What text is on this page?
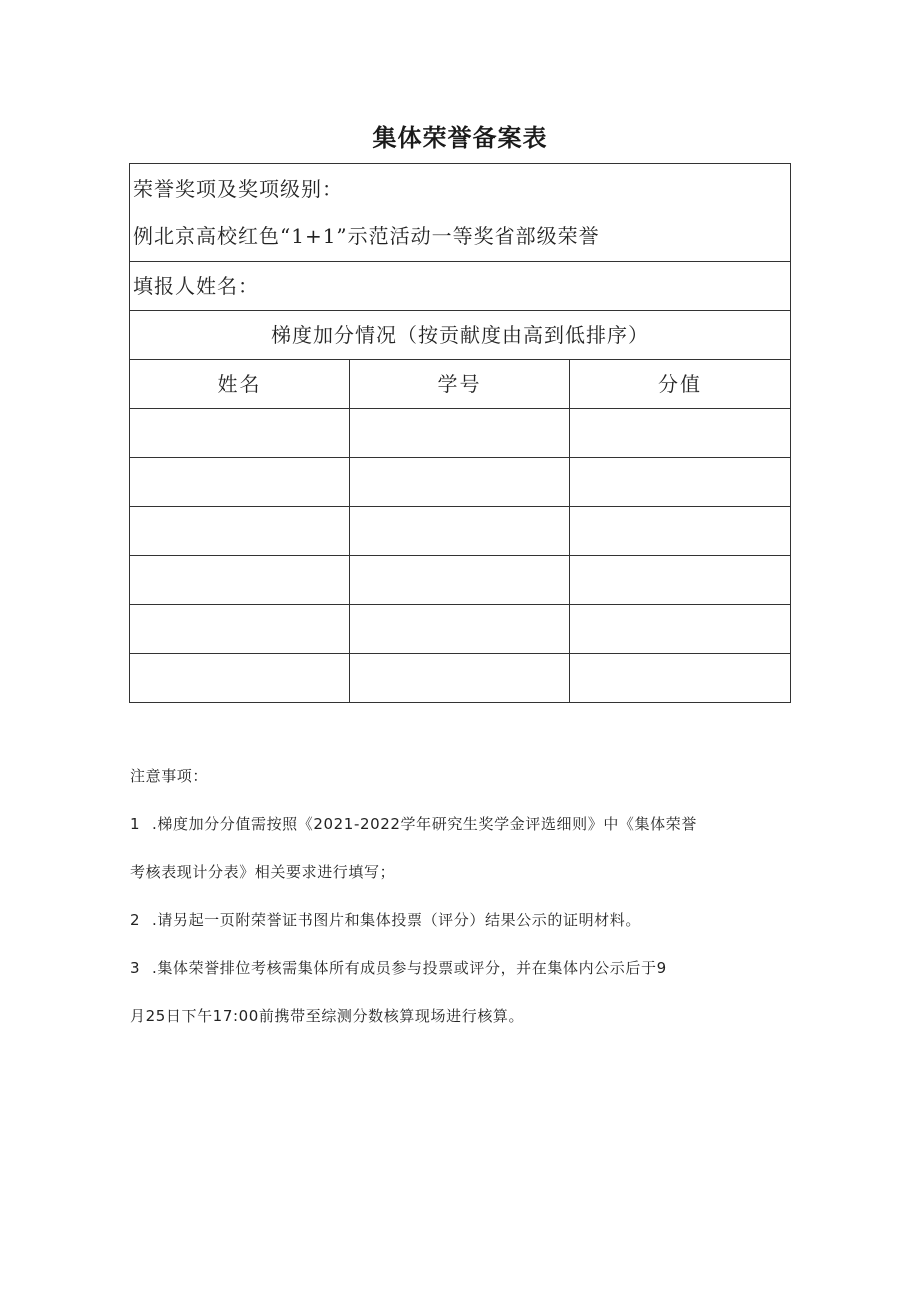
集体荣誉备案表
荣誉奖项及奖项级别：
例北京高校红色“1+1”示范活动一等奖省部级荣誉		

填报人姓名：		
梯度加分情况（按贡献度由高到低排序）		
姓名	学号	分值

注意事项：
1 .梯度加分分值需按照《2021-2022学年研究生奖学金评选细则》中《集体荣誉
考核表现计分表》相关要求进行填写；
2 .请另起一页附荣誉证书图片和集体投票（评分）结果公示的证明材料。
3 .集体荣誉排位考核需集体所有成员参与投票或评分，并在集体内公示后于9
月25日下午17:00前携带至综测分数核算现场进行核算。
